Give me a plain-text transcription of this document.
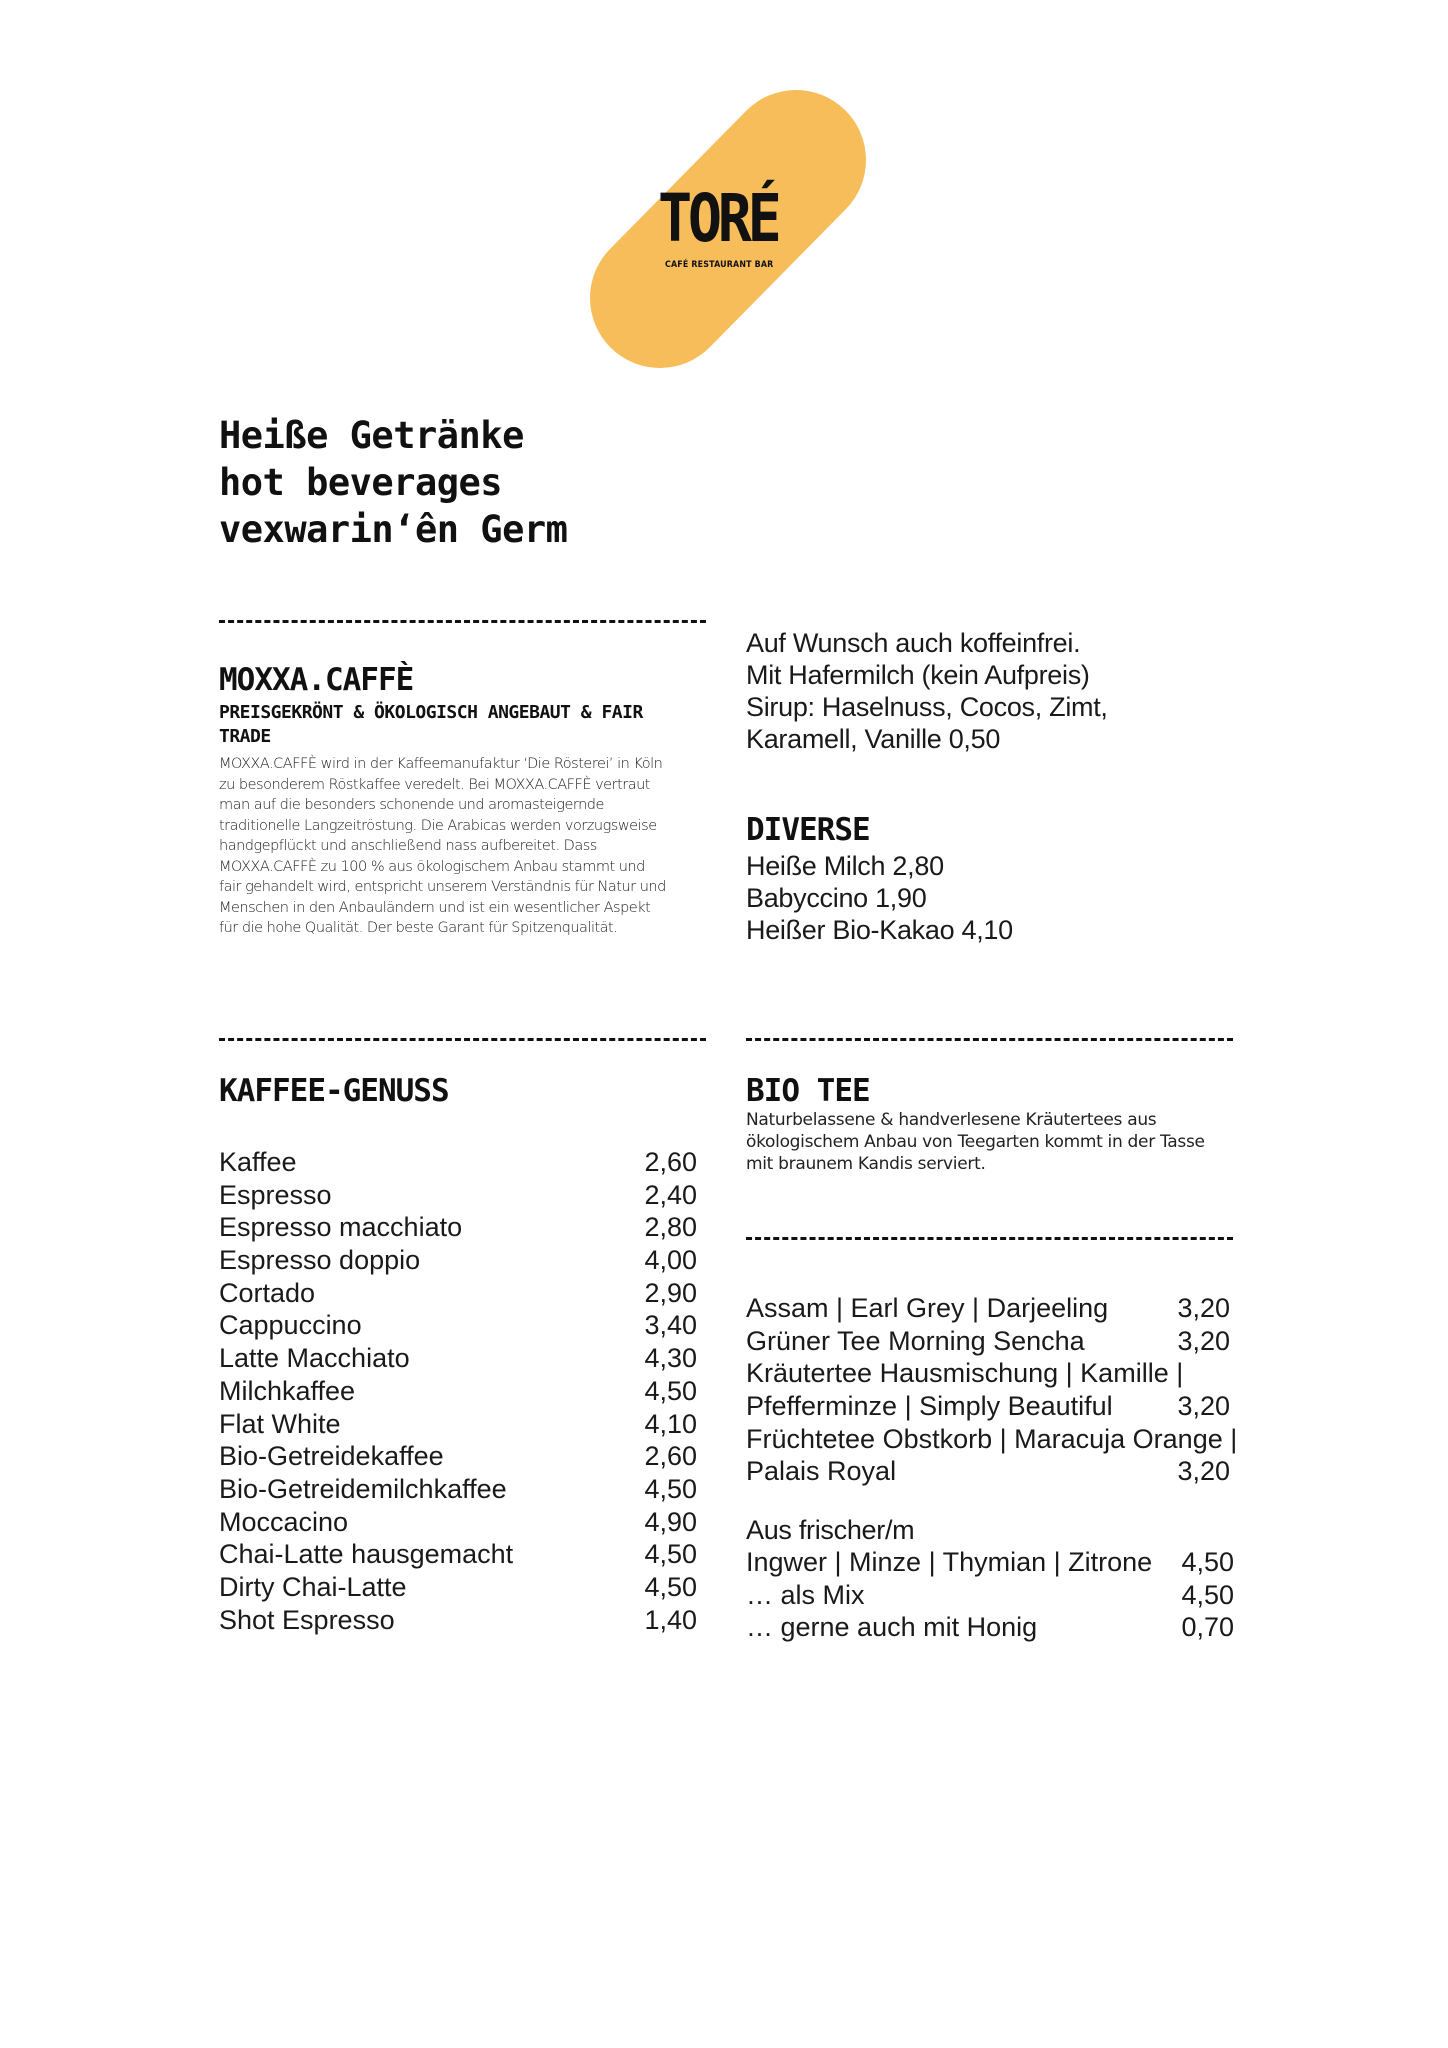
TORÉ
CAFÉ RESTAURANT BAR
Heiße Getränke
hot beverages
vexwarin‘ên Germ
MOXXA.CAFFÈ
PREISGEKRÖNT & ÖKOLOGISCH ANGEBAUT & FAIR TRADE
MOXXA.CAFFÈ wird in der Kaffeemanufaktur ‘Die Rösterei’ in Köln zu besonderem Röstkaffee veredelt. Bei MOXXA.CAFFÈ vertraut man auf die besonders schonende und aromasteigernde traditionelle Langzeitröstung. Die Arabicas werden vorzugsweise handgepflückt und anschließend nass aufbereitet. Dass MOXXA.CAFFÈ zu 100 % aus ökologischem Anbau stammt und fair gehandelt wird, entspricht unserem Verständnis für Natur und Menschen in den Anbauländern und ist ein wesentlicher Aspekt für die hohe Qualität. Der beste Garant für Spitzenqualität.
Auf Wunsch auch koffeinfrei.
Mit Hafermilch (kein Aufpreis)
Sirup: Haselnuss, Cocos, Zimt,
Karamell, Vanille 0,50
DIVERSE
Heiße Milch 2,80
Babyccino 1,90
Heißer Bio-Kakao 4,10
KAFFEE-GENUSS
Kaffee	2,60
Espresso	2,40
Espresso macchiato	2,80
Espresso doppio	4,00
Cortado	2,90
Cappuccino	3,40
Latte Macchiato	4,30
Milchkaffee	4,50
Flat White	4,10
Bio-Getreidekaffee	2,60
Bio-Getreidemilchkaffee	4,50
Moccacino	4,90
Chai-Latte hausgemacht	4,50
Dirty Chai-Latte	4,50
Shot Espresso	1,40
BIO TEE
Naturbelassene & handverlesene Kräutertees aus ökologischem Anbau von Teegarten kommt in der Tasse mit braunem Kandis serviert.
Assam | Earl Grey | Darjeeling	3,20
Grüner Tee Morning Sencha	3,20
Kräutertee Hausmischung | Kamille |
Pfefferminze | Simply Beautiful 3,20
Früchtetee Obstkorb | Maracuja Orange |
Palais Royal	3,20
Aus frischer/m
Ingwer | Minze | Thymian | Zitrone 4,50
… als Mix	4,50
… gerne auch mit Honig	0,70
